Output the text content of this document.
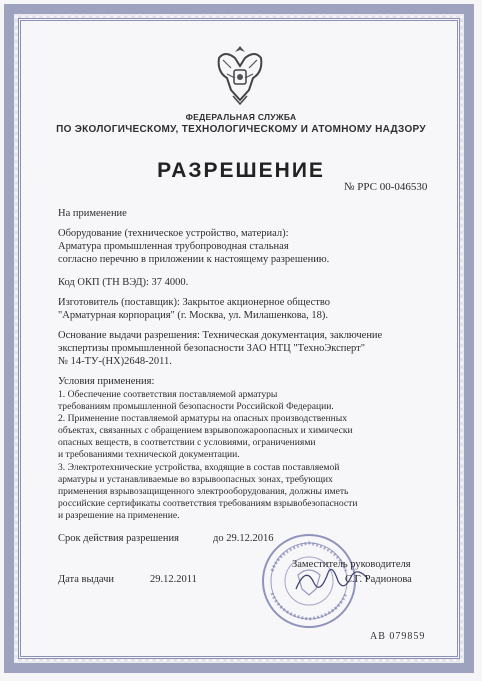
ФЕДЕРАЛЬНАЯ СЛУЖБА
ПО ЭКОЛОГИЧЕСКОМУ, ТЕХНОЛОГИЧЕСКОМУ И АТОМНОМУ НАДЗОРУ
РАЗРЕШЕНИЕ
№ РРС 00-046530
На применение
Оборудование (техническое устройство, материал):
Арматура промышленная трубопроводная стальная
согласно перечню в приложении к настоящему разрешению.
Код ОКП (ТН ВЭД): 37 4000.
Изготовитель (поставщик): Закрытое акционерное общество
"Арматурная корпорация" (г. Москва, ул. Милашенкова, 18).
Основание выдачи разрешения: Техническая документация, заключение
экспертизы промышленной безопасности ЗАО НТЦ "ТехноЭксперт"
№ 14-ТУ-(НХ)2648-2011.
Условия применения:
1. Обеспечение соответствия поставляемой арматуры
требованиям промышленной безопасности Российской Федерации.
2. Применение поставляемой арматуры на опасных производственных
объектах, связанных с обращением взрывопожароопасных и химически
опасных веществ, в соответствии с условиями, ограничениями
и требованиями технической документации.
3. Электротехнические устройства, входящие в состав поставляемой
арматуры и устанавливаемые во взрывоопасных зонах, требующих
применения взрывозащищенного электрооборудования, должны иметь
российские сертификаты соответствия требованиям взрывобезопасности
и разрешение на применение.
Срок действия разрешения	до 29.12.2016
Заместитель руководителя
Дата выдачи	29.12.2011	С.Г. Радионова
АВ 079859
